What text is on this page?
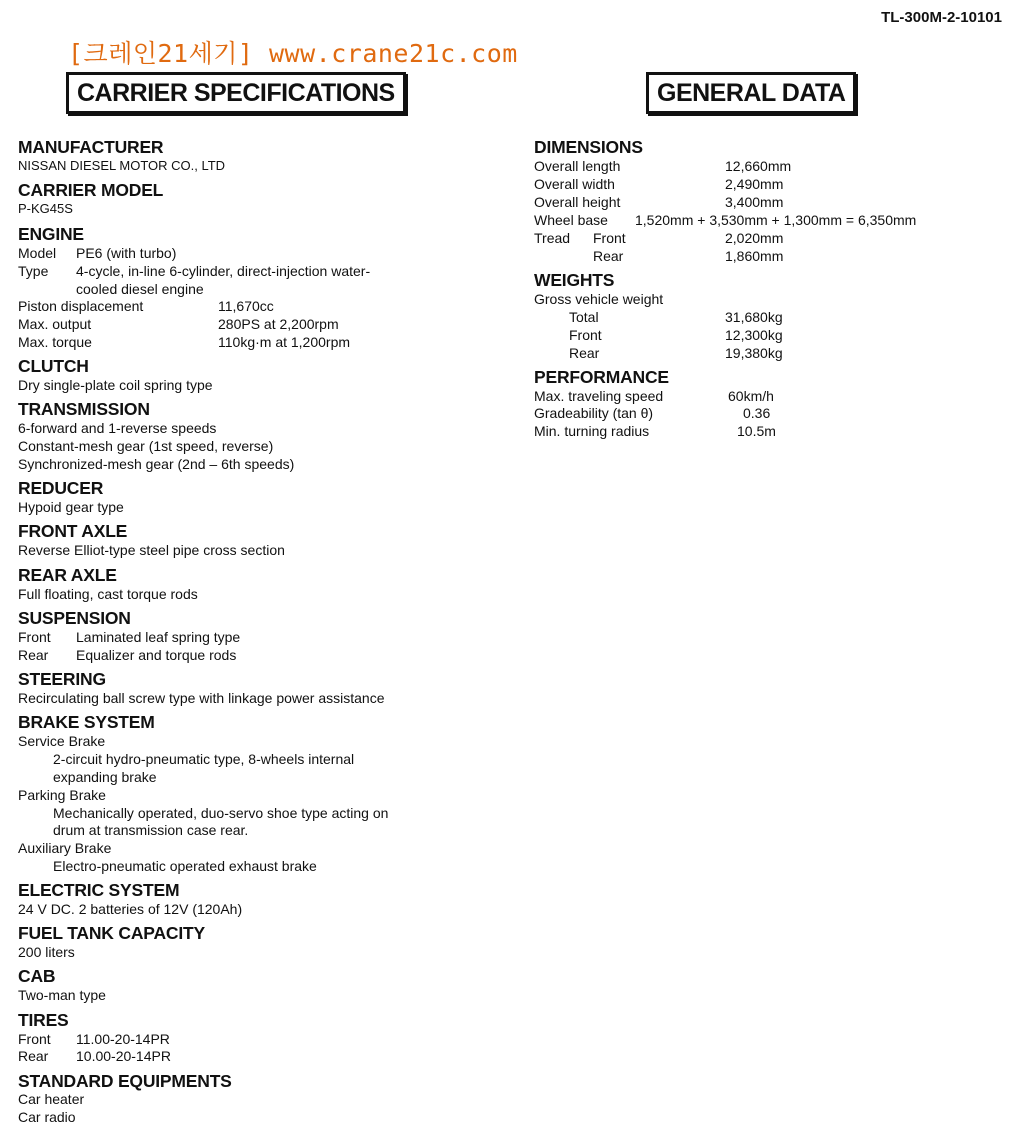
TL-300M-2-10101
[크레인21세기] www.crane21c.com
CARRIER SPECIFICATIONS	GENERAL DATA
MANUFACTURER
NISSAN DIESEL MOTOR CO., LTD
CARRIER MODEL
P-KG45S
ENGINE
Model PE6 (with turbo)
Type 4-cycle, in-line 6-cylinder, direct-injection water-
cooled diesel engine
Piston displacement	11,670cc
Max. output	280PS at 2,200rpm
Max. torque	110kg·m at 1,200rpm
CLUTCH
Dry single-plate coil spring type
TRANSMISSION
6-forward and 1-reverse speeds
Constant-mesh gear (1st speed, reverse)
Synchronized-mesh gear (2nd – 6th speeds)
REDUCER
Hypoid gear type
FRONT AXLE
Reverse Elliot-type steel pipe cross section
REAR AXLE
Full floating, cast torque rods
SUSPENSION
Front Laminated leaf spring type
Rear Equalizer and torque rods
STEERING
Recirculating ball screw type with linkage power assistance
BRAKE SYSTEM
Service Brake
2-circuit hydro-pneumatic type, 8-wheels internal
expanding brake
Parking Brake
Mechanically operated, duo-servo shoe type acting on
drum at transmission case rear.
Auxiliary Brake
Electro-pneumatic operated exhaust brake
ELECTRIC SYSTEM
24 V DC. 2 batteries of 12V (120Ah)
FUEL TANK CAPACITY
200 liters
CAB
Two-man type
TIRES
Front 11.00-20-14PR
Rear 10.00-20-14PR
STANDARD EQUIPMENTS
Car heater
Car radio
DIMENSIONS
Overall length	12,660mm
Overall width	2,490mm
Overall height	3,400mm
Wheel base 1,520mm + 3,530mm + 1,300mm = 6,350mm
Tread Front	2,020mm
Rear	1,860mm
WEIGHTS
Gross vehicle weight
Total	31,680kg
Front	12,300kg
Rear	19,380kg
PERFORMANCE
Max. traveling speed	60km/h
Gradeability (tan θ)	0.36
Min. turning radius	10.5m
